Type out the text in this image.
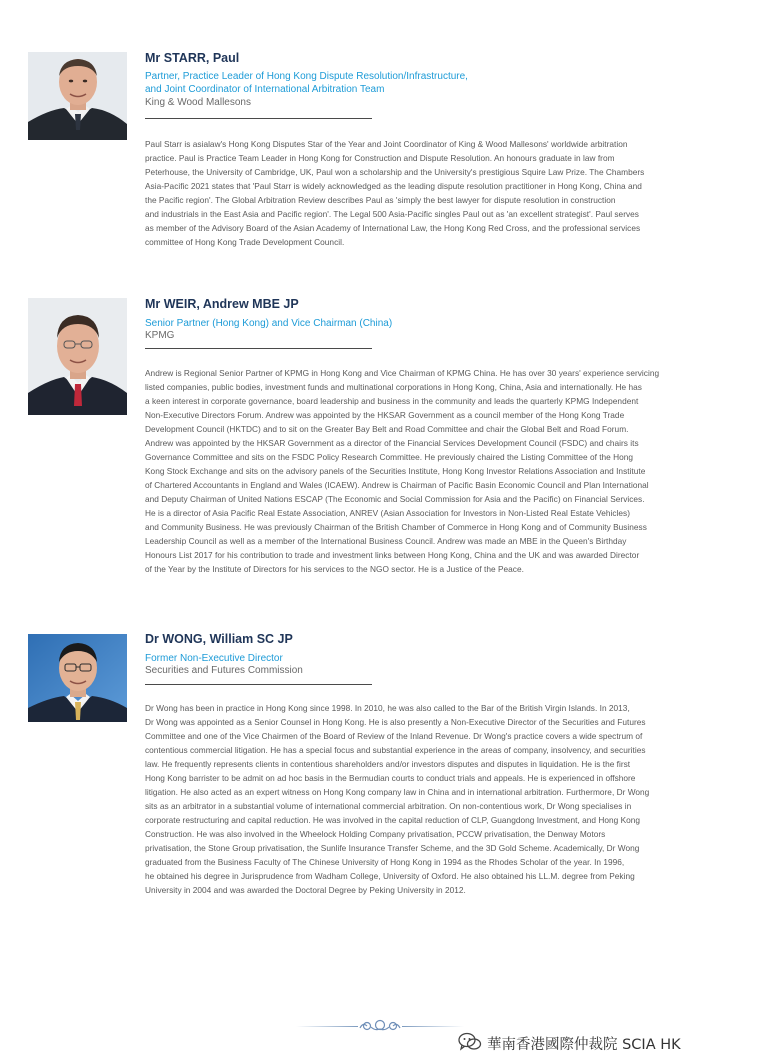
Mr STARR, Paul
Partner, Practice Leader of Hong Kong Dispute Resolution/Infrastructure,
and Joint Coordinator of International Arbitration Team
King & Wood Mallesons
Paul Starr is asialaw's Hong Kong Disputes Star of the Year and Joint Coordinator of King & Wood Mallesons' worldwide arbitration
practice. Paul is Practice Team Leader in Hong Kong for Construction and Dispute Resolution. An honours graduate in law from
Peterhouse, the University of Cambridge, UK, Paul won a scholarship and the University's prestigious Squire Law Prize. The Chambers
Asia-Pacific 2021 states that 'Paul Starr is widely acknowledged as the leading dispute resolution practitioner in Hong Kong, China and
the Pacific region'. The Global Arbitration Review describes Paul as 'simply the best lawyer for dispute resolution in construction
and industrials in the East Asia and Pacific region'. The Legal 500 Asia-Pacific singles Paul out as 'an excellent strategist'. Paul serves
as member of the Advisory Board of the Asian Academy of International Law, the Hong Kong Red Cross, and the professional services
committee of Hong Kong Trade Development Council.
Mr WEIR, Andrew MBE JP
Senior Partner (Hong Kong) and Vice Chairman (China)
KPMG
Andrew is Regional Senior Partner of KPMG in Hong Kong and Vice Chairman of KPMG China. He has over 30 years' experience servicing
listed companies, public bodies, investment funds and multinational corporations in Hong Kong, China, Asia and internationally. He has
a keen interest in corporate governance, board leadership and business in the community and leads the quarterly KPMG Independent
Non-Executive Directors Forum. Andrew was appointed by the HKSAR Government as a council member of the Hong Kong Trade
Development Council (HKTDC) and to sit on the Greater Bay Belt and Road Committee and chair the Global Belt and Road Forum.
Andrew was appointed by the HKSAR Government as a director of the Financial Services Development Council (FSDC) and chairs its
Governance Committee and sits on the FSDC Policy Research Committee. He previously chaired the Listing Committee of the Hong
Kong Stock Exchange and sits on the advisory panels of the Securities Institute, Hong Kong Investor Relations Association and Institute
of Chartered Accountants in England and Wales (ICAEW). Andrew is Chairman of Pacific Basin Economic Council and Plan International
and Deputy Chairman of United Nations ESCAP (The Economic and Social Commission for Asia and the Pacific) on Financial Services.
He is a director of Asia Pacific Real Estate Association, ANREV (Asian Association for Investors in Non-Listed Real Estate Vehicles)
and Community Business. He was previously Chairman of the British Chamber of Commerce in Hong Kong and of Community Business
Leadership Council as well as a member of the International Business Council. Andrew was made an MBE in the Queen's Birthday
Honours List 2017 for his contribution to trade and investment links between Hong Kong, China and the UK and was awarded Director
of the Year by the Institute of Directors for his services to the NGO sector. He is a Justice of the Peace.
Dr WONG, William SC JP
Former Non-Executive Director
Securities and Futures Commission
Dr Wong has been in practice in Hong Kong since 1998. In 2010, he was also called to the Bar of the British Virgin Islands. In 2013,
Dr Wong was appointed as a Senior Counsel in Hong Kong. He is also presently a Non-Executive Director of the Securities and Futures
Committee and one of the Vice Chairmen of the Board of Review of the Inland Revenue. Dr Wong's practice covers a wide spectrum of
contentious commercial litigation. He has a special focus and substantial experience in the areas of company, insolvency, and securities
law. He frequently represents clients in contentious shareholders and/or investors disputes and disputes in liquidation. He is the first
Hong Kong barrister to be admit on ad hoc basis in the Bermudian courts to conduct trials and appeals. He is experienced in offshore
litigation. He also acted as an expert witness on Hong Kong company law in China and in international arbitration. Furthermore, Dr Wong
sits as an arbitrator in a substantial volume of international commercial arbitration. On non-contentious work, Dr Wong specialises in
corporate restructuring and capital reduction. He was involved in the capital reduction of CLP, Guangdong Investment, and Hong Kong
Construction. He was also involved in the Wheelock Holding Company privatisation, PCCW privatisation, the Denway Motors
privatisation, the Stone Group privatisation, the Sunlife Insurance Transfer Scheme, and the 3D Gold Scheme. Academically, Dr Wong
graduated from the Business Faculty of The Chinese University of Hong Kong in 1994 as the Rhodes Scholar of the year. In 1996,
he obtained his degree in Jurisprudence from Wadham College, University of Oxford. He also obtained his LL.M. degree from Peking
University in 2004 and was awarded the Doctoral Degree by Peking University in 2012.
華南香港國際仲裁院 SCIA HK
